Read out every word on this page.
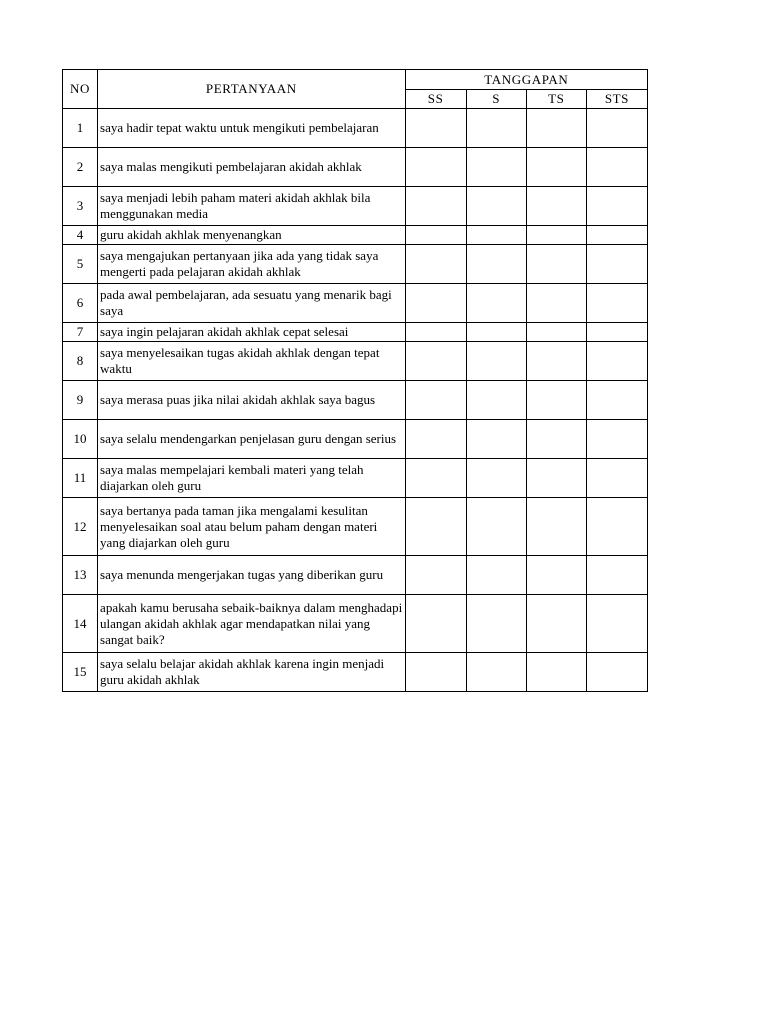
NO	PERTANYAAN	TANGGAPAN			
		SS	S	TS	STS
1	saya hadir tepat waktu untuk mengikuti pembelajaran				
2	saya malas mengikuti pembelajaran akidah akhlak				
3	saya menjadi lebih paham materi akidah akhlak bila menggunakan media				
4	guru akidah akhlak menyenangkan				
5	saya mengajukan pertanyaan jika ada yang tidak saya mengerti pada pelajaran akidah akhlak				
6	pada awal pembelajaran, ada sesuatu yang menarik bagi saya				
7	saya ingin pelajaran akidah akhlak cepat selesai				
8	saya menyelesaikan tugas akidah akhlak dengan tepat waktu				
9	saya merasa puas jika nilai akidah akhlak saya bagus				
10	saya selalu mendengarkan penjelasan guru dengan serius				
11	saya malas mempelajari kembali materi yang telah diajarkan oleh guru				
12	saya bertanya pada taman jika mengalami kesulitan menyelesaikan soal atau belum paham dengan materi yang diajarkan oleh guru				
13	saya menunda mengerjakan tugas yang diberikan guru				
14	apakah kamu berusaha sebaik-baiknya dalam menghadapi ulangan akidah akhlak agar mendapatkan nilai yang sangat baik?				
15	saya selalu belajar akidah akhlak karena ingin menjadi guru akidah akhlak				
